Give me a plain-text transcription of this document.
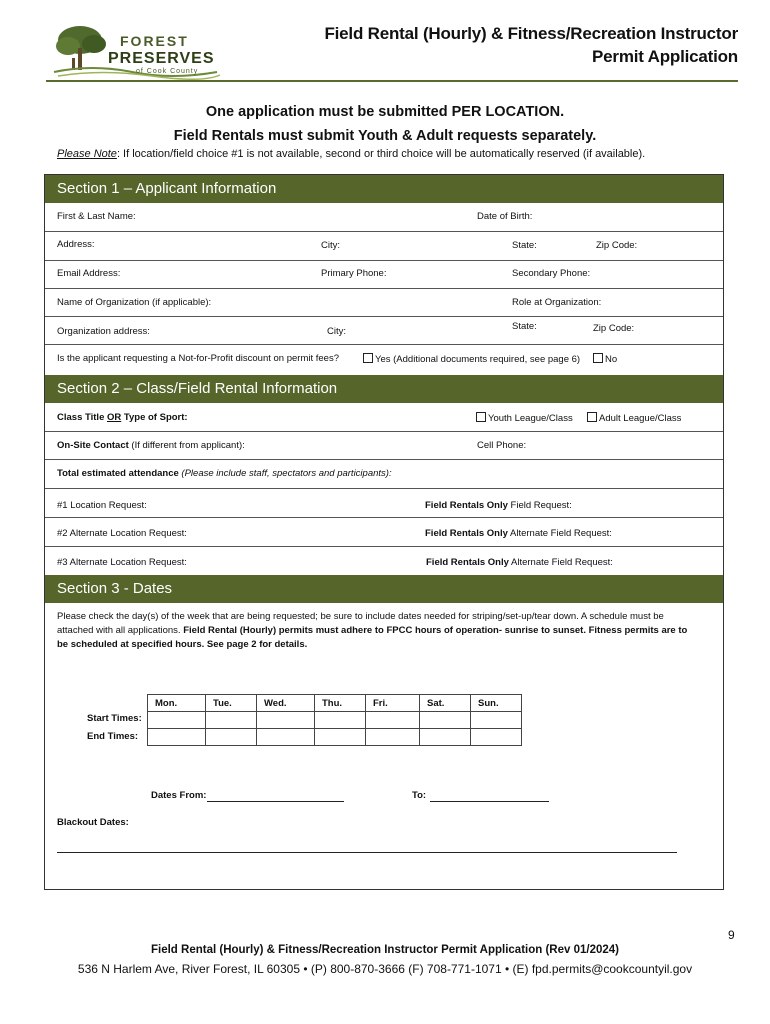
FOREST
PRESERVES
of Cook County
Field Rental (Hourly) & Fitness/Recreation Instructor
Permit Application
One application must be submitted PER LOCATION.
Field Rentals must submit Youth & Adult requests separately.
Please Note: If location/field choice #1 is not available, second or third choice will be automatically reserved (if available).
Section 1 – Applicant Information
First & Last Name:	Date of Birth:
Address:	City:	State:	Zip Code:
Email Address:	Primary Phone:	Secondary Phone:
Name of Organization (if applicable):	Role at Organization:
Organization address:	City:	State:	Zip Code:
Is the applicant requesting a Not-for-Profit discount on permit fees?	Yes (Additional documents required, see page 6)	No
Section 2 – Class/Field Rental Information
Class Title OR Type of Sport:	Youth League/Class	Adult League/Class
On-Site Contact (If different from applicant):	Cell Phone:
Total estimated attendance (Please include staff, spectators and participants):
#1 Location Request:	Field Rentals Only Field Request:
#2 Alternate Location Request:	Field Rentals Only Alternate Field Request:
#3 Alternate Location Request:	Field Rentals Only Alternate Field Request:
Section 3 - Dates
Please check the day(s) of the week that are being requested; be sure to include dates needed for striping/set-up/tear down. A schedule must be attached with all applications. Field Rental (Hourly) permits must adhere to FPCC hours of operation- sunrise to sunset. Fitness permits are to be scheduled at specified hours. See page 2 for details.
Mon.	Tue.	Wed.	Thu.	Fri.	Sat.	Sun.

Start Times:
End Times:
Dates From:	To:
Blackout Dates:
9
Field Rental (Hourly) & Fitness/Recreation Instructor Permit Application (Rev 01/2024)
536 N Harlem Ave, River Forest, IL 60305 • (P) 800-870-3666 (F) 708-771-1071 • (E) fpd.permits@cookcountyil.gov
